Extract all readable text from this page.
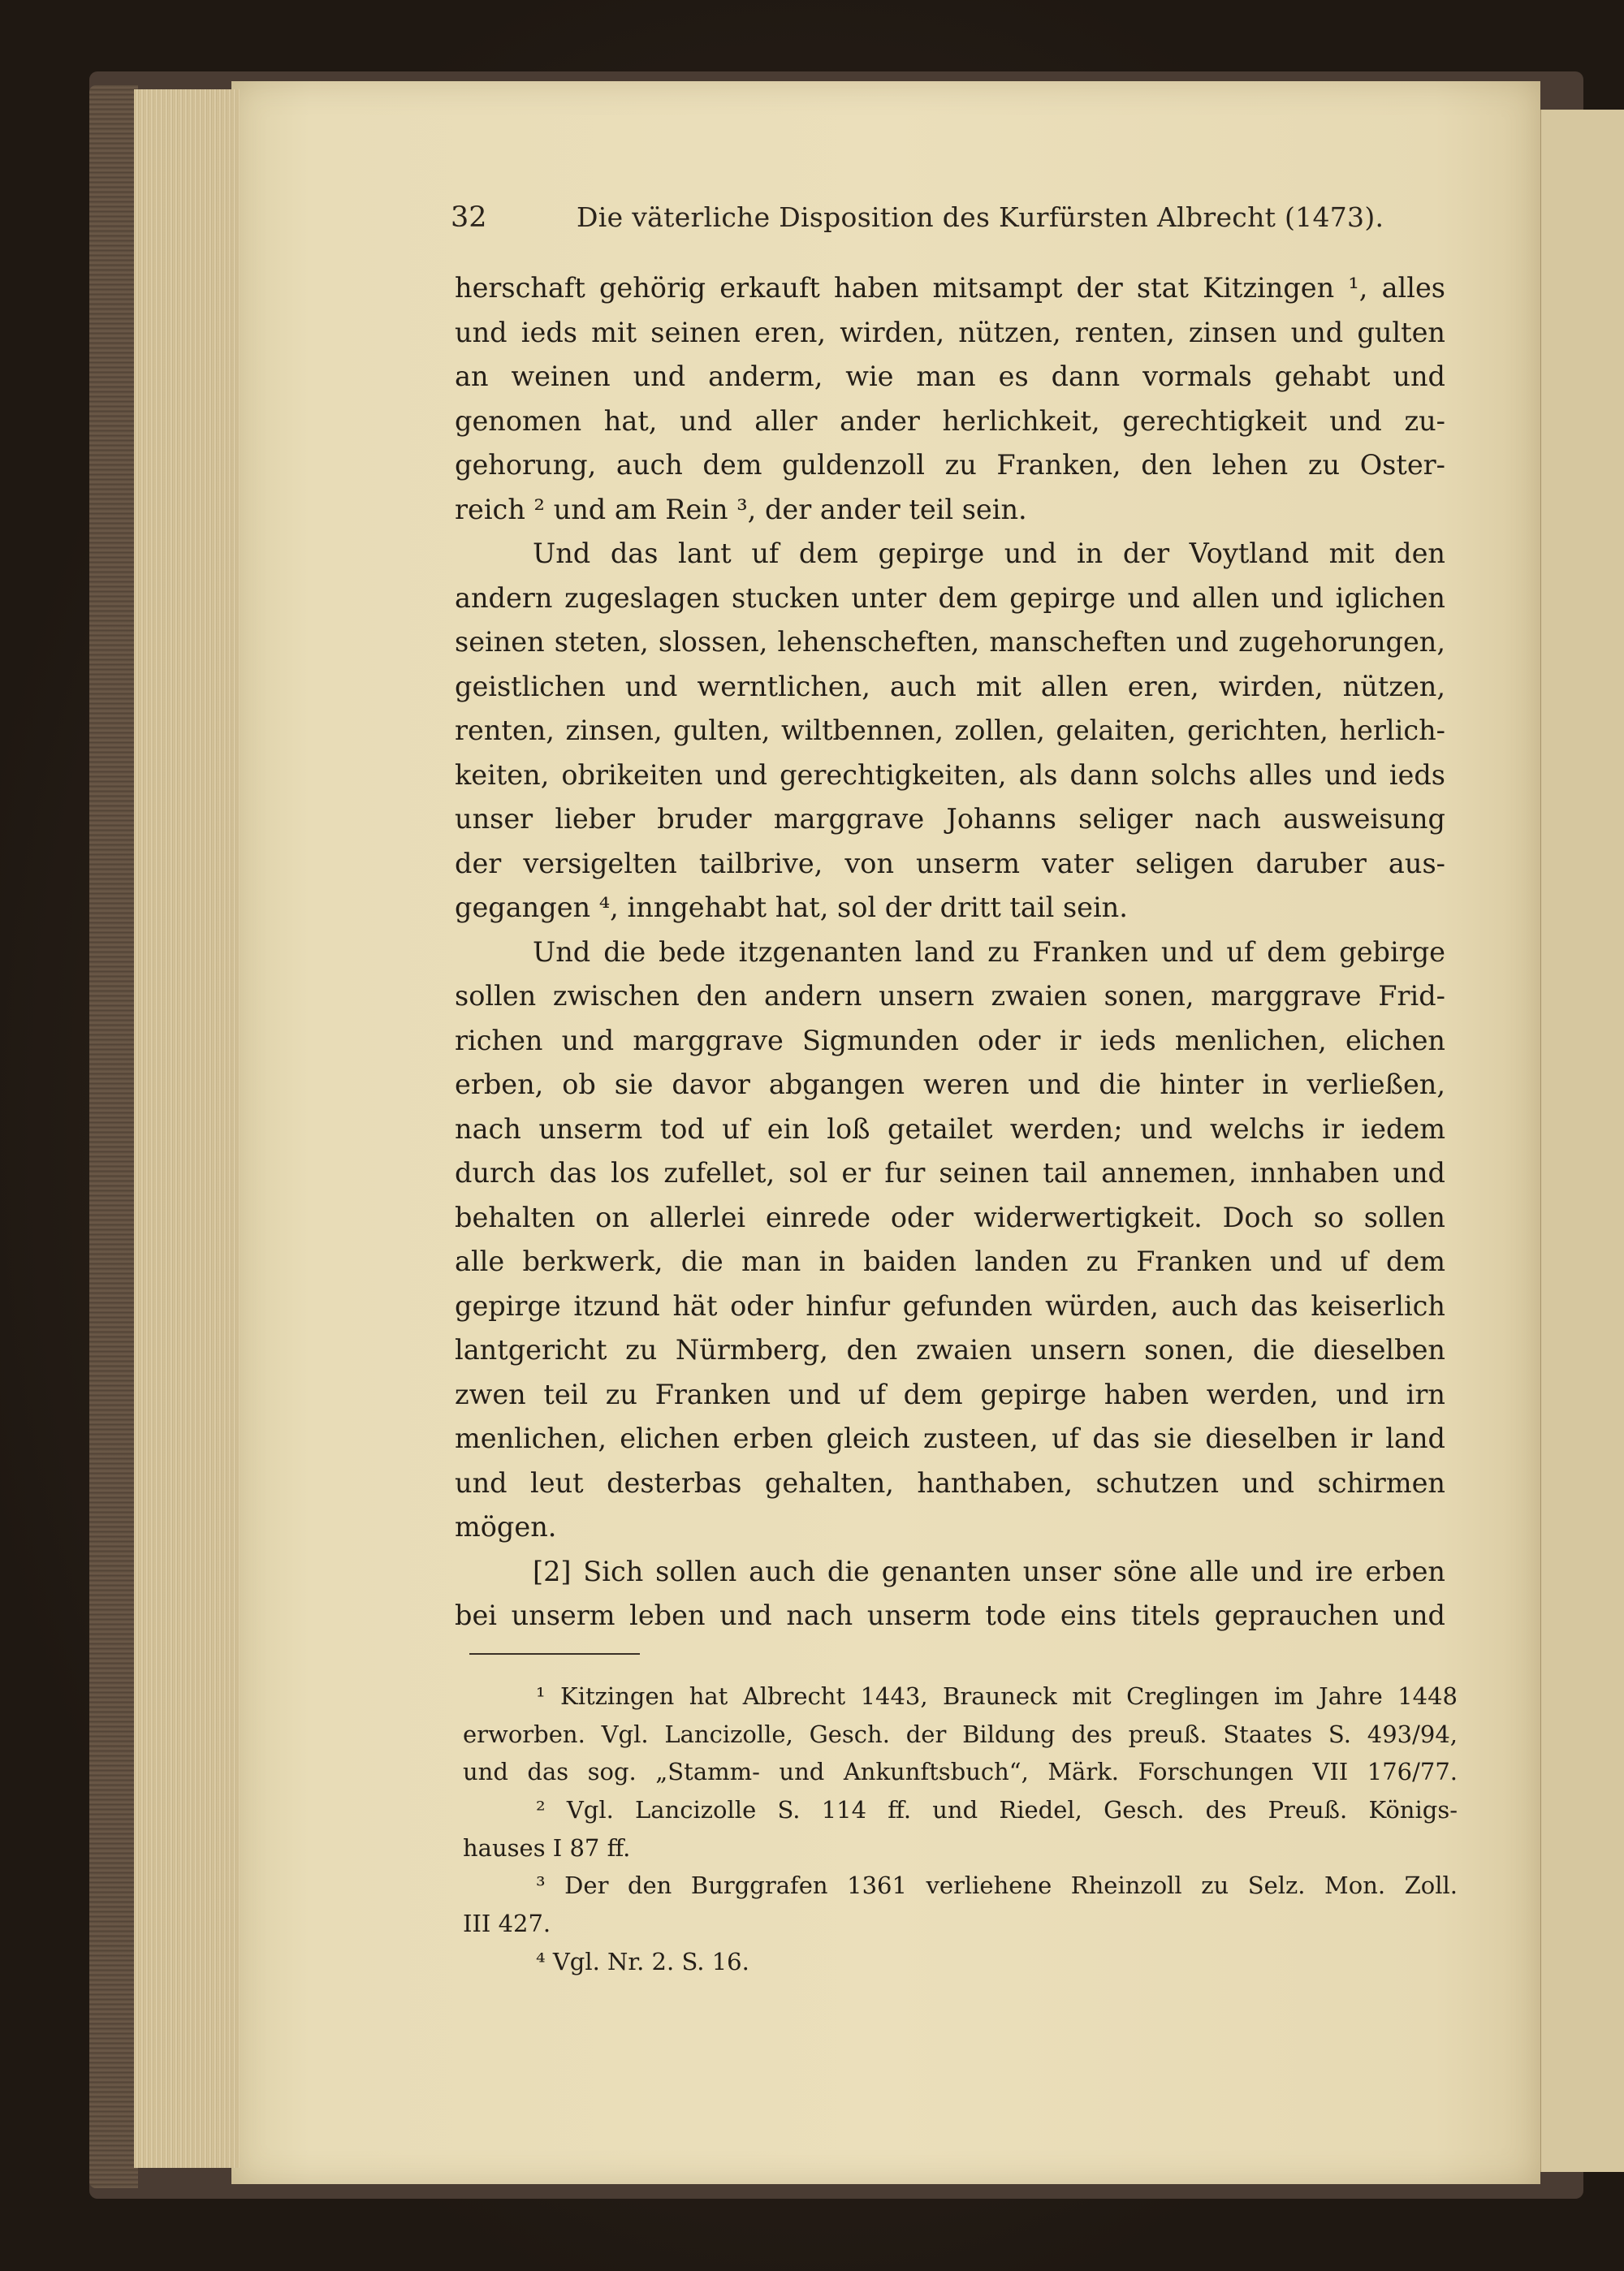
32	Die väterliche Disposition des Kurfürsten Albrecht (1473).
herschaft gehörig erkauft haben mitsampt der stat Kitzingen ¹, alles
und ieds mit seinen eren, wirden, nützen, renten, zinsen und gulten
an weinen und anderm, wie man es dann vormals gehabt und
genomen hat, und aller ander herlichkeit, gerechtigkeit und zu-
gehorung, auch dem guldenzoll zu Franken, den lehen zu Oster-
reich ² und am Rein ³, der ander teil sein.
Und das lant uf dem gepirge und in der Voytland mit den
andern zugeslagen stucken unter dem gepirge und allen und iglichen
seinen steten, slossen, lehenscheften, manscheften und zugehorungen,
geistlichen und werntlichen, auch mit allen eren, wirden, nützen,
renten, zinsen, gulten, wiltbennen, zollen, gelaiten, gerichten, herlich-
keiten, obrikeiten und gerechtigkeiten, als dann solchs alles und ieds
unser lieber bruder marggrave Johanns seliger nach ausweisung
der versigelten tailbrive, von unserm vater seligen daruber aus-
gegangen ⁴, inngehabt hat, sol der dritt tail sein.
Und die bede itzgenanten land zu Franken und uf dem gebirge
sollen zwischen den andern unsern zwaien sonen, marggrave Frid-
richen und marggrave Sigmunden oder ir ieds menlichen, elichen
erben, ob sie davor abgangen weren und die hinter in verließen,
nach unserm tod uf ein loß getailet werden; und welchs ir iedem
durch das los zufellet, sol er fur seinen tail annemen, innhaben und
behalten on allerlei einrede oder widerwertigkeit. Doch so sollen
alle berkwerk, die man in baiden landen zu Franken und uf dem
gepirge itzund hät oder hinfur gefunden würden, auch das keiserlich
lantgericht zu Nürmberg, den zwaien unsern sonen, die dieselben
zwen teil zu Franken und uf dem gepirge haben werden, und irn
menlichen, elichen erben gleich zusteen, uf das sie dieselben ir land
und leut desterbas gehalten, hanthaben, schutzen und schirmen
mögen.
[2] Sich sollen auch die genanten unser söne alle und ire erben
bei unserm leben und nach unserm tode eins titels geprauchen und
¹ Kitzingen hat Albrecht 1443, Brauneck mit Creglingen im Jahre 1448
erworben. Vgl. Lancizolle, Gesch. der Bildung des preuß. Staates S. 493/94,
und das sog. „Stamm- und Ankunftsbuch“, Märk. Forschungen VII 176/77.
² Vgl. Lancizolle S. 114 ff. und Riedel, Gesch. des Preuß. Königs-
hauses I 87 ff.
³ Der den Burggrafen 1361 verliehene Rheinzoll zu Selz. Mon. Zoll.
III 427.
⁴ Vgl. Nr. 2. S. 16.
